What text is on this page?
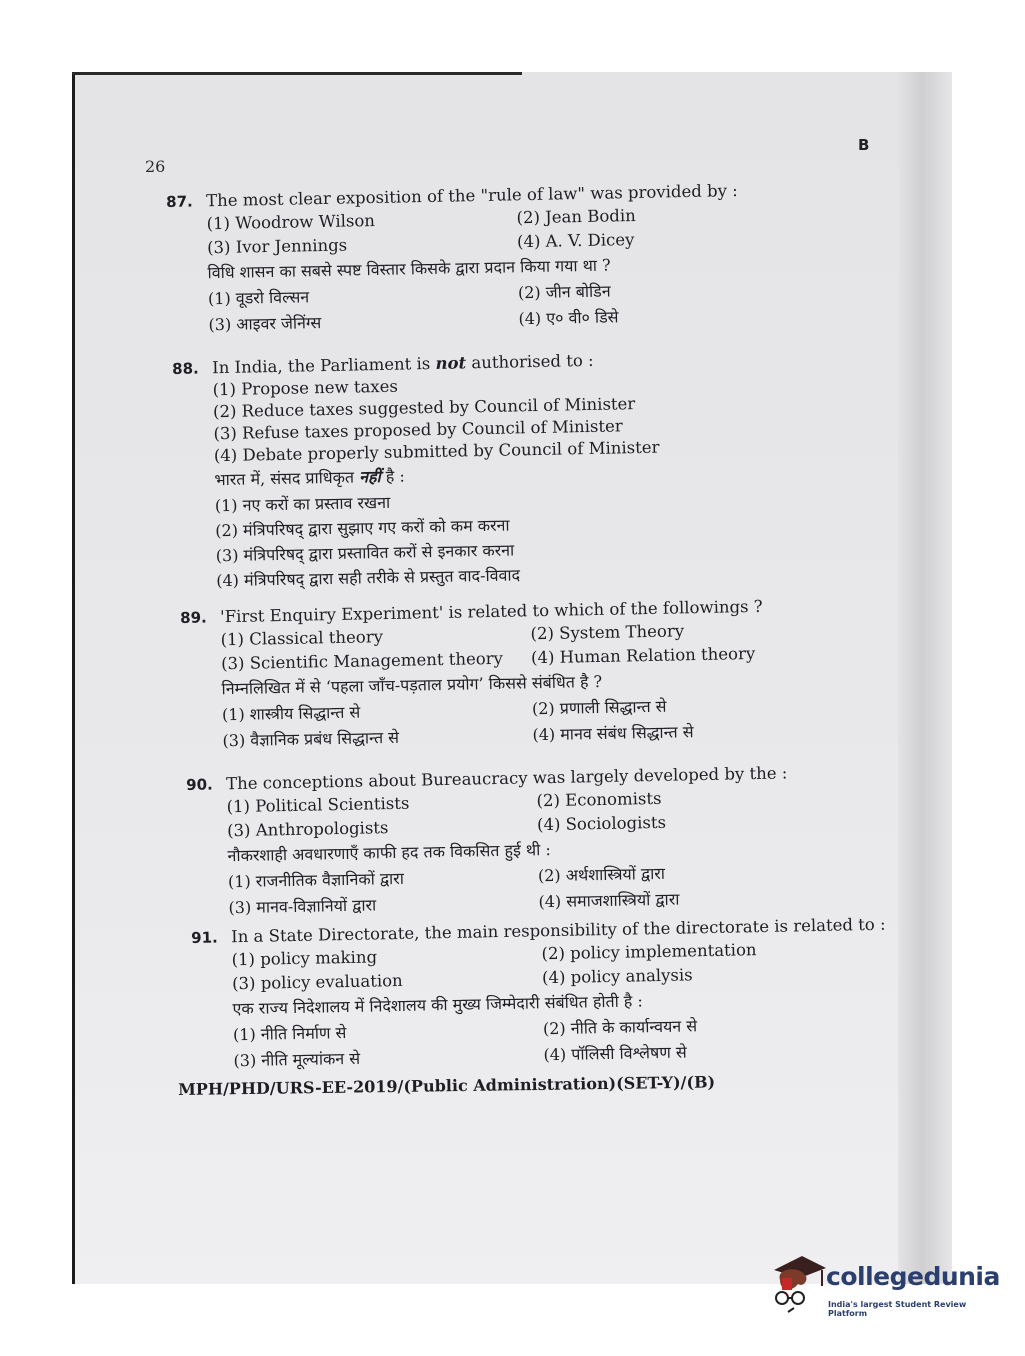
B
26
87. The most clear exposition of the "rule of law" was provided by :
(1) Woodrow Wilson	(2) Jean Bodin
(3) Ivor Jennings	(4) A. V. Dicey
विधि शासन का सबसे स्पष्ट विस्तार किसके द्वारा प्रदान किया गया था ?
(1) वूडरो विल्सन	(2) जीन बोडिन
(3) आइवर जेनिंग्स	(4) ए० वी० डिसे
88. In India, the Parliament is not authorised to :
(1) Propose new taxes
(2) Reduce taxes suggested by Council of Minister
(3) Refuse taxes proposed by Council of Minister
(4) Debate properly submitted by Council of Minister
भारत में, संसद प्राधिकृत नहीं है :
(1) नए करों का प्रस्ताव रखना
(2) मंत्रिपरिषद् द्वारा सुझाए गए करों को कम करना
(3) मंत्रिपरिषद् द्वारा प्रस्तावित करों से इनकार करना
(4) मंत्रिपरिषद् द्वारा सही तरीके से प्रस्तुत वाद-विवाद
89. 'First Enquiry Experiment' is related to which of the followings ?
(1) Classical theory	(2) System Theory
(3) Scientific Management theory	(4) Human Relation theory
निम्नलिखित में से ‘पहला जाँच-पड़ताल प्रयोग’ किससे संबंधित है ?
(1) शास्त्रीय सिद्धान्त से	(2) प्रणाली सिद्धान्त से
(3) वैज्ञानिक प्रबंध सिद्धान्त से	(4) मानव संबंध सिद्धान्त से
90. The conceptions about Bureaucracy was largely developed by the :
(1) Political Scientists	(2) Economists
(3) Anthropologists	(4) Sociologists
नौकरशाही अवधारणाएँ काफी हद तक विकसित हुई थी :
(1) राजनीतिक वैज्ञानिकों द्वारा	(2) अर्थशास्त्रियों द्वारा
(3) मानव-विज्ञानियों द्वारा	(4) समाजशास्त्रियों द्वारा
91. In a State Directorate, the main responsibility of the directorate is related to :
(1) policy making	(2) policy implementation
(3) policy evaluation	(4) policy analysis
एक राज्य निदेशालय में निदेशालय की मुख्य जिम्मेदारी संबंधित होती है :
(1) नीति निर्माण से	(2) नीति के कार्यान्वयन से
(3) नीति मूल्यांकन से	(4) पॉलिसी विश्लेषण से
MPH/PHD/URS-EE-2019/(Public Administration)(SET-Y)/(B)
collegedunia
India's largest Student Review Platform
